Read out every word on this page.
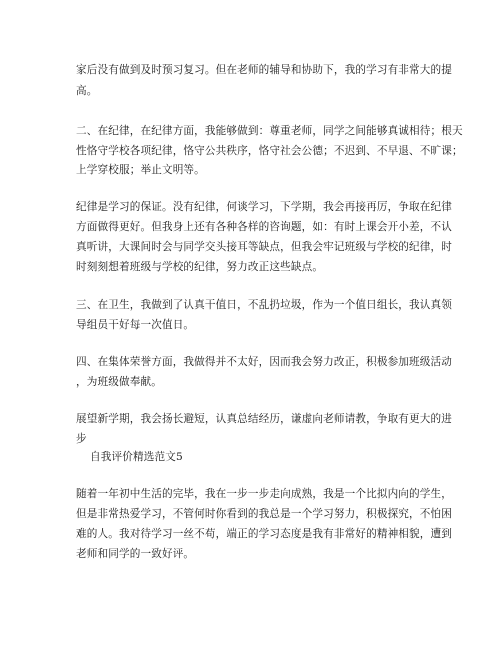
家后没有做到及时预习复习。但在老师的辅导和协助下，我的学习有非常大的提
高。
二、在纪律，在纪律方面，我能够做到：尊重老师，同学之间能够真诚相待；根天
性恪守学校各项纪律，恪守公共秩序，恪守社会公德；不迟到、不早退、不旷课；
上学穿校服；举止文明等。
纪律是学习的保证。没有纪律，何谈学习，下学期，我会再接再厉，争取在纪律
方面做得更好。但我身上还有各种各样的咨询题，如：有时上课会开小差，不认
真听讲，大课间时会与同学交头接耳等缺点，但我会牢记班级与学校的纪律，时
时刻刻想着班级与学校的纪律，努力改正这些缺点。
三、在卫生，我做到了认真干值日，不乱扔垃圾，作为一个值日组长，我认真领
导组员干好每一次值日。
四、在集体荣誉方面，我做得并不太好，因而我会努力改正，积极参加班级活动
，为班级做奉献。
展望新学期，我会扬长避短，认真总结经历，谦虚向老师请教，争取有更大的进
步
自我评价精选范文5
随着一年初中生活的完毕，我在一步一步走向成熟，我是一个比拟内向的学生，
但是非常热爱学习，不管何时你看到的我总是一个学习努力，积极探究，不怕困
难的人。我对待学习一丝不苟，端正的学习态度是我有非常好的精神相貌，遭到
老师和同学的一致好评。
